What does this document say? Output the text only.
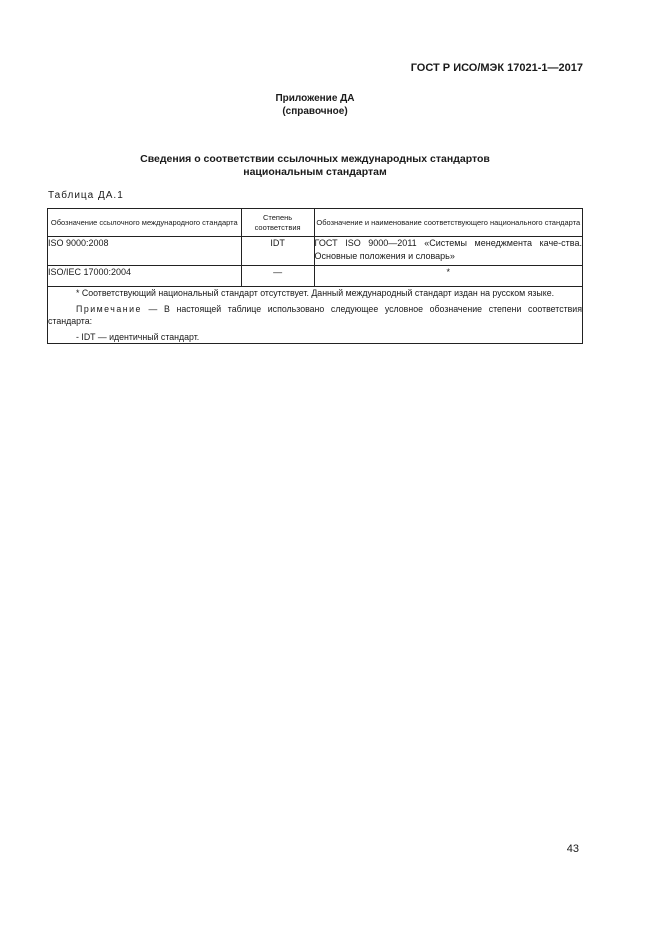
ГОСТ Р ИСО/МЭК 17021-1—2017
Приложение ДА
(справочное)
Сведения о соответствии ссылочных международных стандартов
национальным стандартам
Таблица ДА.1
Обозначение ссылочного международного стандарта	Степень соответствия	Обозначение и наименование соответствующего национального стандарта
ISO 9000:2008	IDT	ГОСТ ISO 9000—2011 «Системы менеджмента каче-ства. Основные положения и словарь»
ISO/IEC 17000:2004	—	*

* Соответствующий национальный стандарт отсутствует. Данный международный стандарт издан на русском языке.
Примечание — В настоящей таблице использовано следующее условное обозначение степени соответствия стандарта:
- IDT — идентичный стандарт.		
43
